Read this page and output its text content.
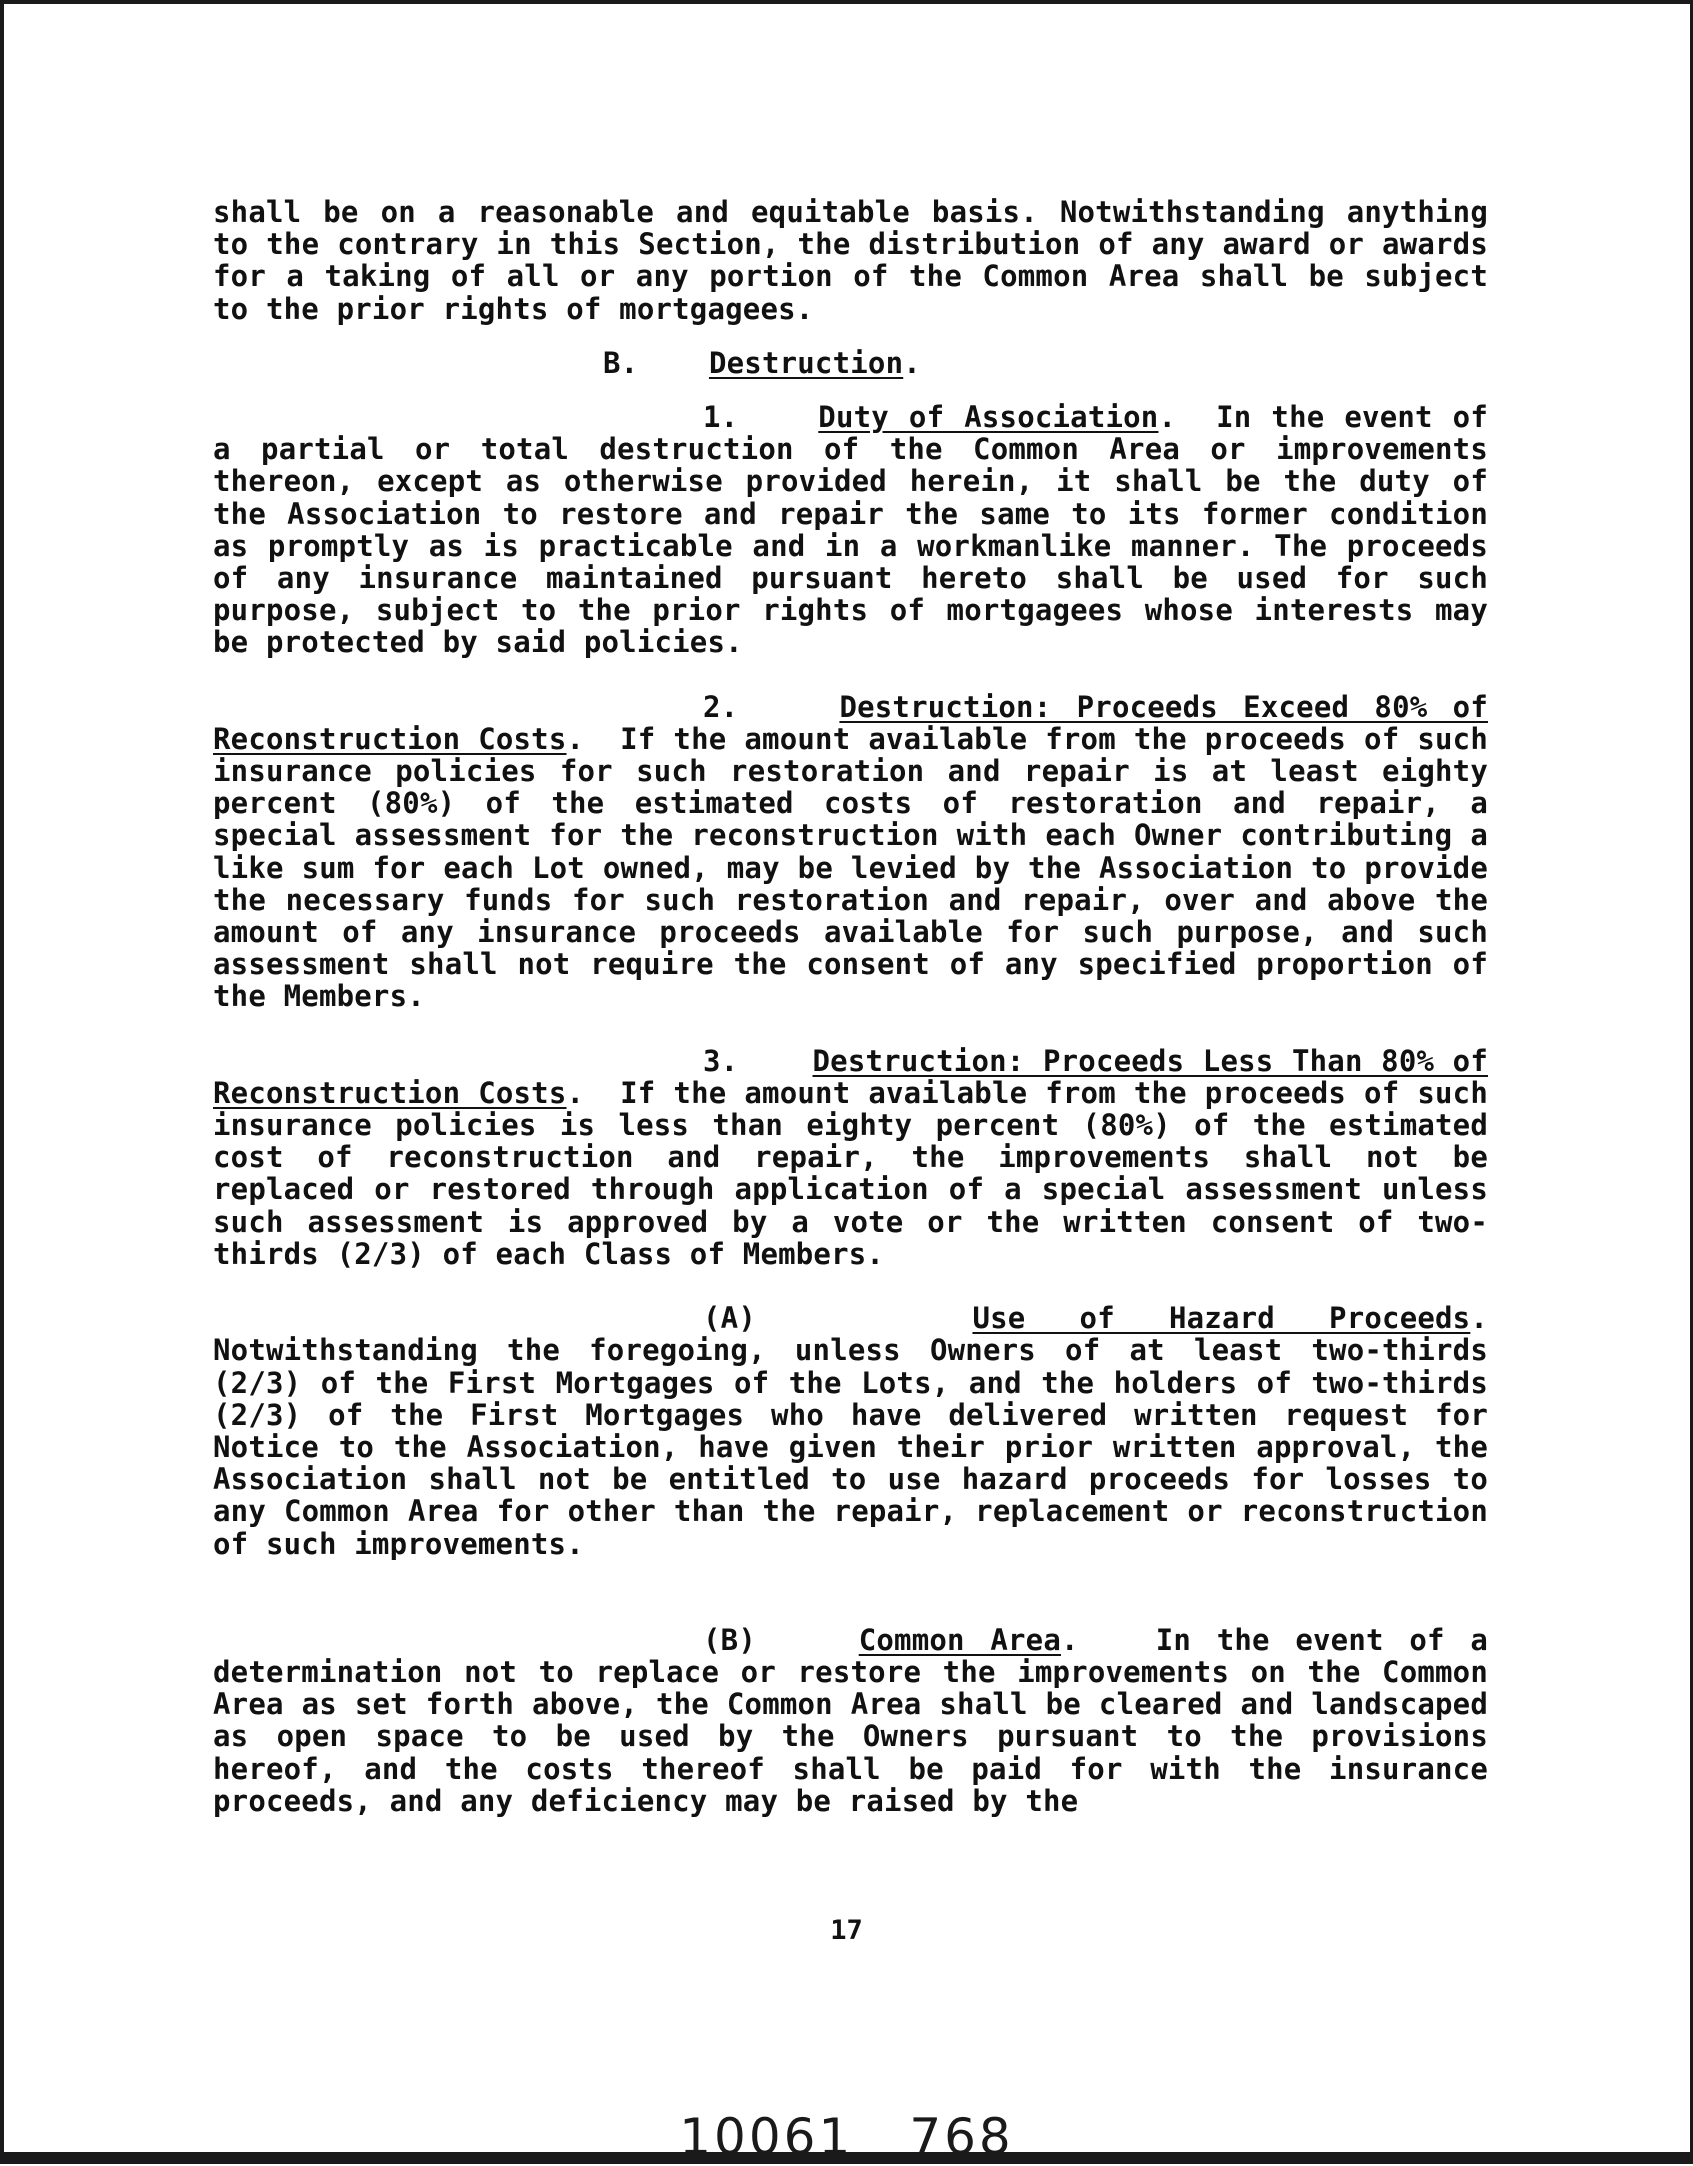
shall be on a reasonable and equitable basis. Notwithstanding anything to the contrary in this Section, the distribution of any award or awards for a taking of all or any portion of the Common Area shall be subject to the prior rights of mortgagees.

B. Destruction.

1.	Duty of Association.  In the event of a partial or total destruction of the Common Area or improvements thereon, except as otherwise provided herein, it shall be the duty of the Association to restore and repair the same to its former condition as promptly as is practicable and in a workmanlike manner. The proceeds of any insurance maintained pursuant hereto shall be used for such purpose, subject to the prior rights of mortgagees whose interests may be protected by said policies.

2.	Destruction: Proceeds Exceed 80% of Reconstruction Costs.  If the amount available from the proceeds of such insurance policies for such restoration and repair is at least eighty percent (80%) of the estimated costs of restoration and repair, a special assessment for the reconstruction with each Owner contributing a like sum for each Lot owned, may be levied by the Association to provide the necessary funds for such restoration and repair, over and above the amount of any insurance proceeds available for such purpose, and such assessment shall not require the consent of any specified proportion of the Members.

3.	Destruction: Proceeds Less Than 80% of Reconstruction Costs.  If the amount available from the proceeds of such insurance policies is less than eighty percent (80%) of the estimated cost of reconstruction and repair, the improvements shall not be replaced or restored through application of a special assessment unless such assessment is approved by a vote or the written consent of two-thirds (2/3) of each Class of Members.

(A)	Use of Hazard Proceeds. Notwithstanding the foregoing, unless Owners of at least two-thirds (2/3) of the First Mortgages of the Lots, and the holders of two-thirds (2/3) of the First Mortgages who have delivered written request for Notice to the Association, have given their prior written approval, the Association shall not be entitled to use hazard proceeds for losses to any Common Area for other than the repair, replacement or reconstruction of such improvements.

(B)	Common Area.   In the event of a determination not to replace or restore the improvements on the Common Area as set forth above, the Common Area shall be cleared and landscaped as open space to be used by the Owners pursuant to the provisions hereof, and the costs thereof shall be paid for with the insurance proceeds, and any deficiency may be raised by the

17
10061 768
